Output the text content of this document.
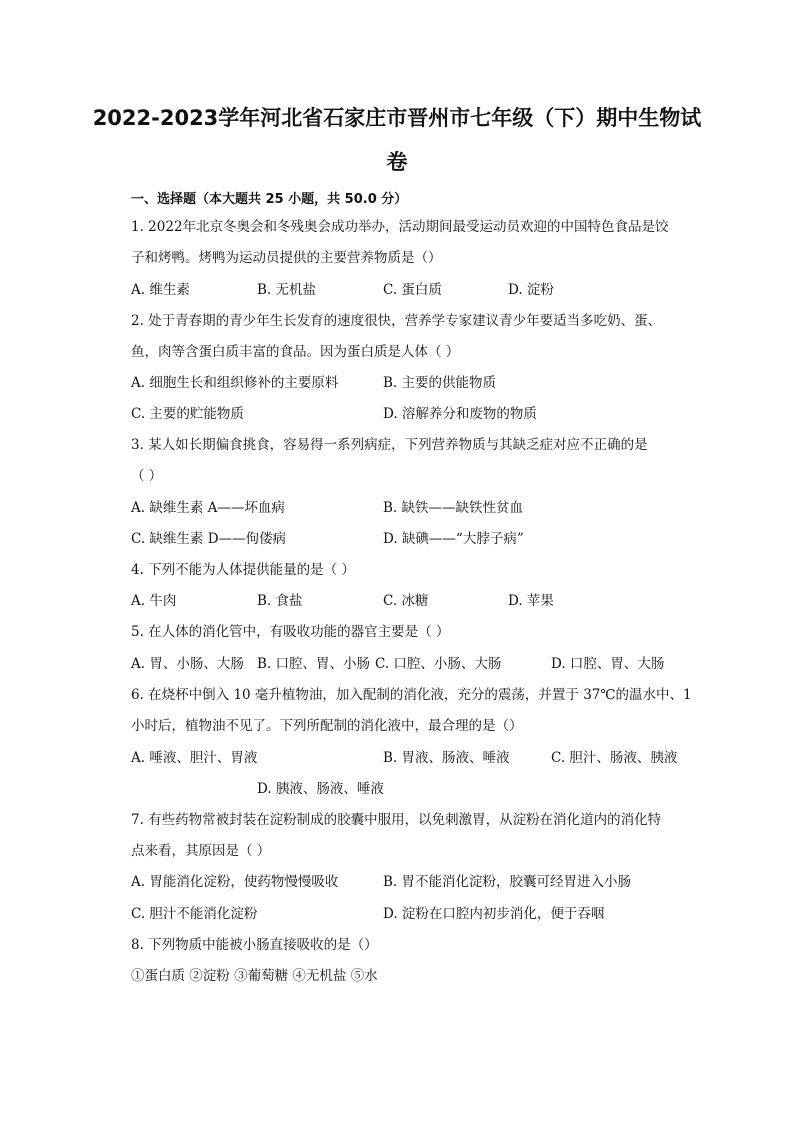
2022-2023学年河北省石家庄市晋州市七年级（下）期中生物试
卷
一、选择题（本大题共 25 小题，共 50.0 分）
1. 2022年北京冬奥会和冬残奥会成功举办，活动期间最受运动员欢迎的中国特色食品是饺
子和烤鸭。烤鸭为运动员提供的主要营养物质是（）
A. 维生素	B. 无机盐	C. 蛋白质	D. 淀粉
2. 处于青春期的青少年生长发育的速度很快，营养学专家建议青少年要适当多吃奶、蛋、
鱼，肉等含蛋白质丰富的食品。因为蛋白质是人体（ ）
A. 细胞生长和组织修补的主要原料	B. 主要的供能物质
C. 主要的贮能物质	D. 溶解养分和废物的物质
3. 某人如长期偏食挑食，容易得一系列病症，下列营养物质与其缺乏症对应不正确的是
（ ）
A. 缺维生素 A——坏血病	B. 缺铁——缺铁性贫血
C. 缺维生素 D——佝偻病	D. 缺碘——“大脖子病”
4. 下列不能为人体提供能量的是（ ）
A. 牛肉	B. 食盐	C. 冰糖	D. 苹果
5. 在人体的消化管中，有吸收功能的器官主要是（ ）
A. 胃、小肠、大肠 B. 口腔、胃、小肠 C. 口腔、小肠、大肠	D. 口腔、胃、大肠
6. 在烧杯中倒入 10 毫升植物油，加入配制的消化液，充分的震荡，并置于 37℃的温水中、1
小时后，植物油不见了。下列所配制的消化液中，最合理的是（）
A. 唾液、胆汁、胃液	B. 胃液、肠液、唾液	C. 胆汁、肠液、胰液
D. 胰液、肠液、唾液
7. 有些药物常被封装在淀粉制成的胶囊中服用，以免刺激胃，从淀粉在消化道内的消化特
点来看，其原因是（ ）
A. 胃能消化淀粉，使药物慢慢吸收	B. 胃不能消化淀粉，胶囊可经胃进入小肠
C. 胆汁不能消化淀粉	D. 淀粉在口腔内初步消化，便于吞咽
8. 下列物质中能被小肠直接吸收的是（）
①蛋白质 ②淀粉 ③葡萄糖 ④无机盐 ⑤水
